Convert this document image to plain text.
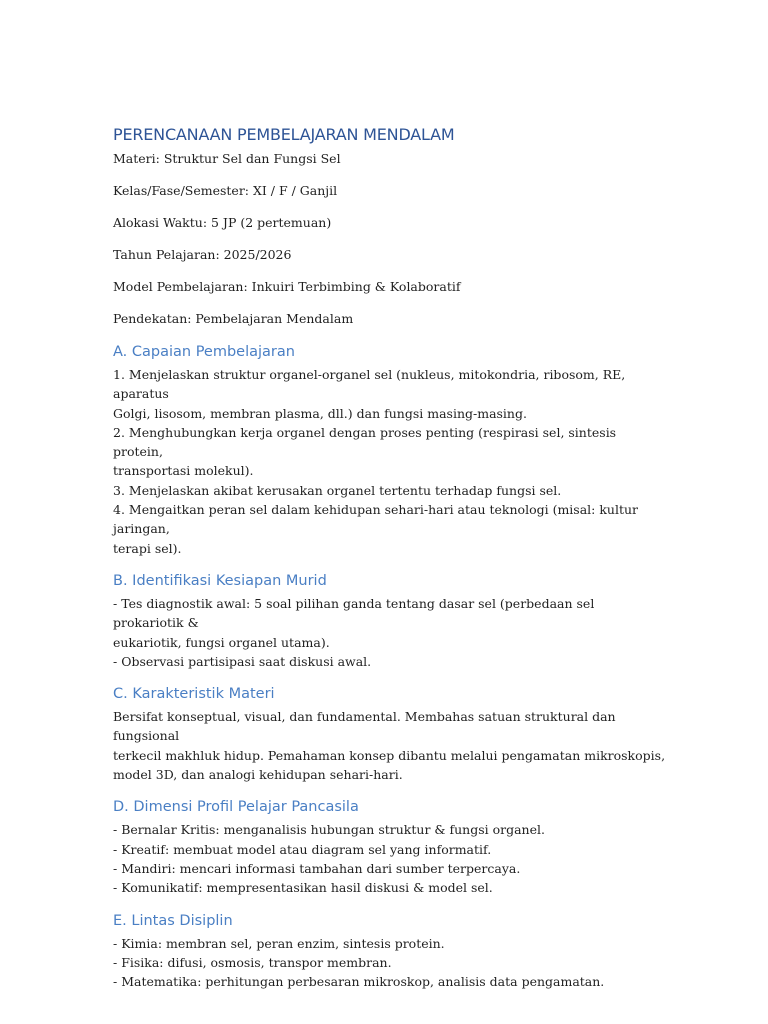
PERENCANAAN PEMBELAJARAN MENDALAM

Materi: Struktur Sel dan Fungsi Sel

Kelas/Fase/Semester: XI / F / Ganjil

Alokasi Waktu: 5 JP (2 pertemuan)

Tahun Pelajaran: 2025/2026

Model Pembelajaran: Inkuiri Terbimbing & Kolaboratif

Pendekatan: Pembelajaran Mendalam

A. Capaian Pembelajaran

1. Menjelaskan struktur organel-organel sel (nukleus, mitokondria, ribosom, RE, aparatus
Golgi, lisosom, membran plasma, dll.) dan fungsi masing-masing.
2. Menghubungkan kerja organel dengan proses penting (respirasi sel, sintesis protein,
transportasi molekul).
3. Menjelaskan akibat kerusakan organel tertentu terhadap fungsi sel.
4. Mengaitkan peran sel dalam kehidupan sehari-hari atau teknologi (misal: kultur jaringan,
terapi sel).

B. Identifikasi Kesiapan Murid

- Tes diagnostik awal: 5 soal pilihan ganda tentang dasar sel (perbedaan sel prokariotik &
eukariotik, fungsi organel utama).
- Observasi partisipasi saat diskusi awal.

C. Karakteristik Materi

Bersifat konseptual, visual, dan fundamental. Membahas satuan struktural dan fungsional
terkecil makhluk hidup. Pemahaman konsep dibantu melalui pengamatan mikroskopis,
model 3D, dan analogi kehidupan sehari-hari.

D. Dimensi Profil Pelajar Pancasila

- Bernalar Kritis: menganalisis hubungan struktur & fungsi organel.
- Kreatif: membuat model atau diagram sel yang informatif.
- Mandiri: mencari informasi tambahan dari sumber terpercaya.
- Komunikatif: mempresentasikan hasil diskusi & model sel.

E. Lintas Disiplin

- Kimia: membran sel, peran enzim, sintesis protein.
- Fisika: difusi, osmosis, transpor membran.
- Matematika: perhitungan perbesaran mikroskop, analisis data pengamatan.
